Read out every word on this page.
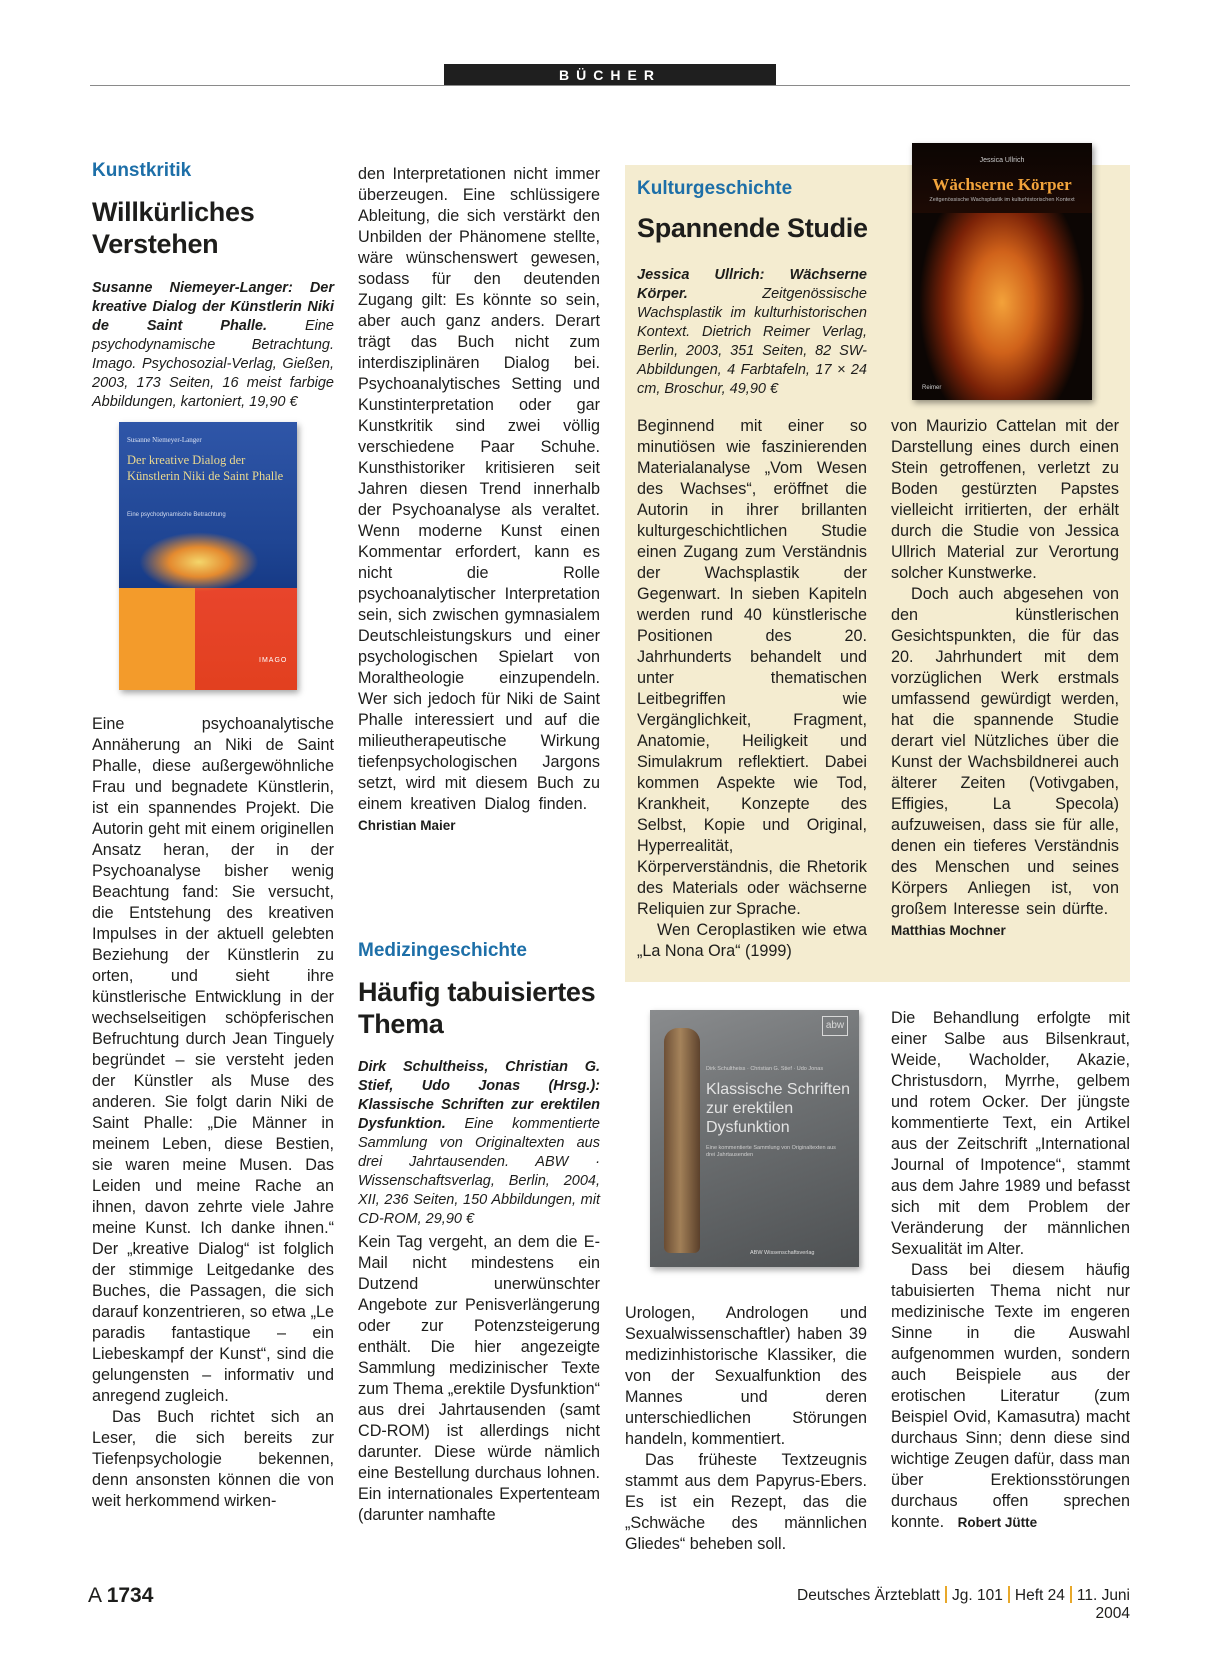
BÜCHER
Kunstkritik
Willkürliches
Verstehen
Susanne Niemeyer-Langer: Der kreative Dialog der Künstlerin Niki de Saint Phalle. Eine psychodynamische Betrachtung. Imago. Psychosozial-Verlag, Gießen, 2003, 173 Seiten, 16 meist farbige Abbildungen, kartoniert, 19,90 €
Susanne Niemeyer-Langer
Der kreative Dialog der Künstlerin Niki de Saint Phalle
Eine psychodynamische Betrachtung
IMAGO

Eine psychoanalytische Annäherung an Niki de Saint Phalle, diese außergewöhnliche Frau und begnadete Künstlerin, ist ein spannendes Projekt. Die Autorin geht mit einem originellen Ansatz heran, der in der Psychoanalyse bisher wenig Beachtung fand: Sie versucht, die Entstehung des kreativen Impulses in der aktuell gelebten Beziehung der Künstlerin zu orten, und sieht ihre künstlerische Entwicklung in der wechselseitigen schöpferischen Befruchtung durch Jean Tinguely begründet – sie versteht jeden der Künstler als Muse des anderen. Sie folgt darin Niki de Saint Phalle: „Die Männer in meinem Leben, diese Bestien, sie waren meine Musen. Das Leiden und meine Rache an ihnen, davon zehrte viele Jahre meine Kunst. Ich danke ihnen.“ Der „kreative Dialog“ ist folglich der stimmige Leitgedanke des Buches, die Passagen, die sich darauf konzentrieren, so etwa „Le paradis fantastique – ein Liebeskampf der Kunst“, sind die gelungensten – informativ und anregend zugleich.

Das Buch richtet sich an Leser, die sich bereits zur Tiefenpsychologie bekennen, denn ansonsten können die von weit herkommend wirken-

den Interpretationen nicht immer überzeugen. Eine schlüssigere Ableitung, die sich verstärkt den Unbilden der Phänomene stellte, wäre wünschenswert gewesen, sodass für den deutenden Zugang gilt: Es könnte so sein, aber auch ganz anders. Derart trägt das Buch nicht zum interdisziplinären Dialog bei. Psychoanalytisches Setting und Kunstinterpretation oder gar Kunstkritik sind zwei völlig verschiedene Paar Schuhe. Kunsthistoriker kritisieren seit Jahren diesen Trend innerhalb der Psychoanalyse als veraltet. Wenn moderne Kunst einen Kommentar erfordert, kann es nicht die Rolle psychoanalytischer Interpretation sein, sich zwischen gymnasialem Deutschleistungskurs und einer psychologischen Spielart von Moraltheologie einzupendeln. Wer sich jedoch für Niki de Saint Phalle interessiert und auf die milieutherapeutische Wirkung tiefenpsychologischen Jargons setzt, wird mit diesem Buch zu einem kreativen Dialog finden.   Christian Maier

Medizingeschichte
Häufig tabuisiertes
Thema
Dirk Schultheiss, Christian G. Stief, Udo Jonas (Hrsg.): Klassische Schriften zur erektilen Dysfunktion. Eine kommentierte Sammlung von Originaltexten aus drei Jahrtausenden. ABW · Wissenschaftsverlag, Berlin, 2004, XII, 236 Seiten, 150 Abbildungen, mit CD-ROM, 29,90 €

Kein Tag vergeht, an dem die E-Mail nicht mindestens ein Dutzend unerwünschter Angebote zur Penisverlängerung oder zur Potenzsteigerung enthält. Die hier angezeigte Sammlung medizinischer Texte zum Thema „erektile Dysfunktion“ aus drei Jahrtausenden (samt CD-ROM) ist allerdings nicht darunter. Diese würde nämlich eine Bestellung durchaus lohnen. Ein internationales Expertenteam (darunter namhafte

abw
Dirk Schultheiss · Christian G. Stief · Udo Jonas
Klassische Schriften zur erektilen Dysfunktion
Eine kommentierte Sammlung von Originaltexten aus drei Jahrtausenden
ABW Wissenschaftsverlag

Urologen, Andrologen und Sexualwissenschaftler) haben 39 medizinhistorische Klassiker, die von der Sexualfunktion des Mannes und deren unterschiedlichen Störungen handeln, kommentiert.

Das früheste Textzeugnis stammt aus dem Papyrus-Ebers. Es ist ein Rezept, das die „Schwäche des männlichen Gliedes“ beheben soll.

Die Behandlung erfolgte mit einer Salbe aus Bilsenkraut, Weide, Wacholder, Akazie, Christusdorn, Myrrhe, gelbem und rotem Ocker. Der jüngste kommentierte Text, ein Artikel aus der Zeitschrift „International Journal of Impotence“, stammt aus dem Jahre 1989 und befasst sich mit dem Problem der Veränderung der männlichen Sexualität im Alter.

Dass bei diesem häufig tabuisierten Thema nicht nur medizinische Texte im engeren Sinne in die Auswahl aufgenommen wurden, sondern auch Beispiele aus der erotischen Literatur (zum Beispiel Ovid, Kamasutra) macht durchaus Sinn; denn diese sind wichtige Zeugen dafür, dass man über Erektionsstörungen durchaus offen sprechen konnte. Robert Jütte

Kulturgeschichte
Spannende Studie
Jessica Ullrich: Wächserne Körper. Zeitgenössische Wachsplastik im kulturhistorischen Kontext. Dietrich Reimer Verlag, Berlin, 2003, 351 Seiten, 82 SW-Abbildungen, 4 Farbtafeln, 17 × 24 cm, Broschur, 49,90 €
Jessica Ullrich
Wächserne Körper
Zeitgenössische Wachsplastik im kulturhistorischen Kontext
Reimer

Beginnend mit einer so minutiösen wie faszinierenden Materialanalyse „Vom Wesen des Wachses“, eröffnet die Autorin in ihrer brillanten kulturgeschichtlichen Studie einen Zugang zum Verständnis der Wachsplastik der Gegenwart. In sieben Kapiteln werden rund 40 künstlerische Positionen des 20. Jahrhunderts behandelt und unter thematischen Leitbegriffen wie Vergänglichkeit, Fragment, Anatomie, Heiligkeit und Simulakrum reflektiert. Dabei kommen Aspekte wie Tod, Krankheit, Konzepte des Selbst, Kopie und Original, Hyperrealität, Körperverständnis, die Rhetorik des Materials oder wächserne Reliquien zur Sprache.

Wen Ceroplastiken wie etwa „La Nona Ora“ (1999)

von Maurizio Cattelan mit der Darstellung eines durch einen Stein getroffenen, verletzt zu Boden gestürzten Papstes vielleicht irritierten, der erhält durch die Studie von Jessica Ullrich Material zur Verortung solcher Kunstwerke.

Doch auch abgesehen von den künstlerischen Gesichtspunkten, die für das 20. Jahrhundert mit dem vorzüglichen Werk erstmals umfassend gewürdigt werden, hat die spannende Studie derart viel Nützliches über die Kunst der Wachsbildnerei auch älterer Zeiten (Votivgaben, Effigies, La Specola) aufzuweisen, dass sie für alle, denen ein tieferes Verständnis des Menschen und seines Körpers Anliegen ist, von großem Interesse sein dürfte.   Matthias Mochner

A 1734	Deutsches Ärzteblatt Jg. 101 Heft 24 11. Juni 2004
